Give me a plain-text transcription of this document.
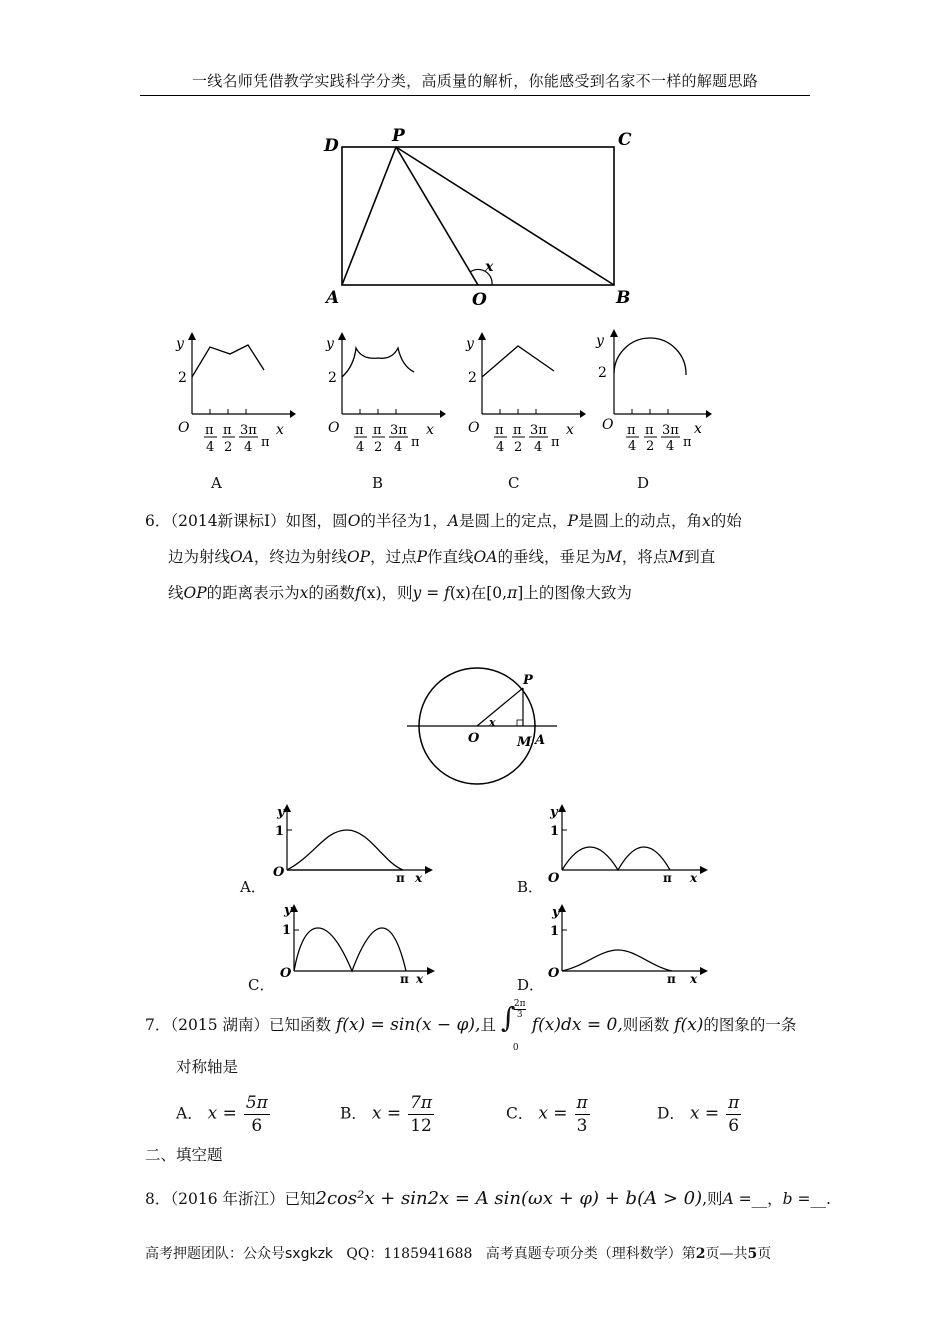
一线名师凭借教学实践科学分类，高质量的解析，你能感受到名家不一样的解题思路
D	P	C
A	O	B
x
y
2
O	x
π
4
π
2
3π
4 π
y
2
O	x
π
4
π
2
3π
4 π
y
2
O	x
π
4
π
2
3π
4 π
y
2
O	x
π
4
π
2
3π
4 π
A	B	C	D
6．（2014新课标Ⅰ）如图，圆O的半径为1，A是圆上的定点，P是圆上的动点，角x的始
边为射线OA，终边为射线OP，过点P作直线OA的垂线，垂足为M，将点M到直
线OP的距离表示为x的函数f(x)，则y = f(x)在[0,π]上的图像大致为
P
O
x
M A
y
1
O	π x
y
1
O	π x
y
1
O	π x
y
1
O	π x
A．	B．
C．	D．
7．（2015 湖南）已知函数 f(x) = sin(x − φ),且 ∫
2π
3
0
f(x)dx = 0,则函数 f(x)的图象的一条
对称轴是
A． $x = \frac{5\pi}{6}$	B． $x = \frac{7\pi}{12}$	C． $x = \frac{\pi}{3}$	D． $x = \frac{\pi}{6}$
二、填空题
8．（2016 年浙江）已知2cos²x + sin2x = A sin(ωx + φ) + b(A > 0),则A =__，b =__.
高考押题团队：公众号sxgkzk QQ：1185941688 高考真题专项分类（理科数学）第2页—共5页
